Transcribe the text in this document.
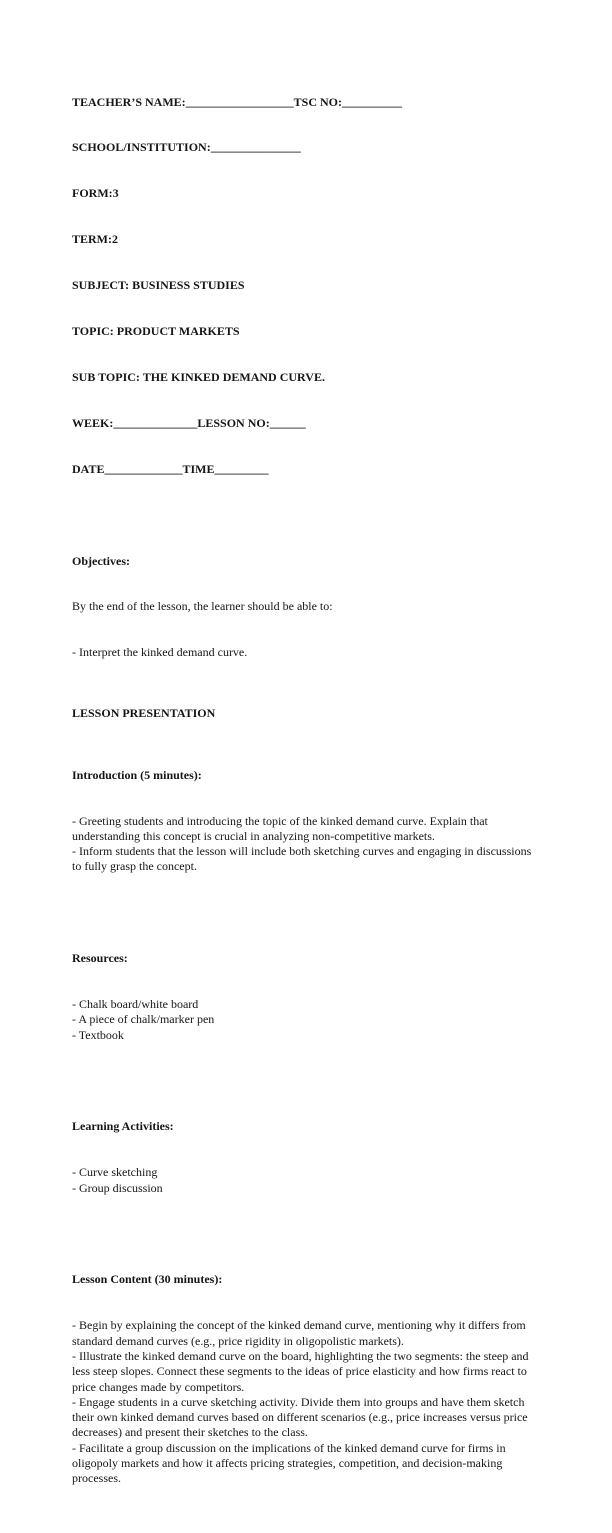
TEACHER’S NAME:__________________TSC NO:__________

SCHOOL/INSTITUTION:_______________

FORM:3

TERM:2

SUBJECT: BUSINESS STUDIES

TOPIC: PRODUCT MARKETS

SUB TOPIC: THE KINKED DEMAND CURVE.

WEEK:______________LESSON NO:______

DATE_____________TIME_________

Objectives:

By the end of the lesson, the learner should be able to:

- Interpret the kinked demand curve.

LESSON PRESENTATION

Introduction (5 minutes):

- Greeting students and introducing the topic of the kinked demand curve. Explain that
understanding this concept is crucial in analyzing non-competitive markets.
- Inform students that the lesson will include both sketching curves and engaging in discussions
to fully grasp the concept.

Resources:

- Chalk board/white board
- A piece of chalk/marker pen
- Textbook

Learning Activities:

- Curve sketching
- Group discussion

Lesson Content (30 minutes):

- Begin by explaining the concept of the kinked demand curve, mentioning why it differs from
standard demand curves (e.g., price rigidity in oligopolistic markets).
- Illustrate the kinked demand curve on the board, highlighting the two segments: the steep and
less steep slopes. Connect these segments to the ideas of price elasticity and how firms react to
price changes made by competitors.
- Engage students in a curve sketching activity. Divide them into groups and have them sketch
their own kinked demand curves based on different scenarios (e.g., price increases versus price
decreases) and present their sketches to the class.
- Facilitate a group discussion on the implications of the kinked demand curve for firms in
oligopoly markets and how it affects pricing strategies, competition, and decision-making
processes.
